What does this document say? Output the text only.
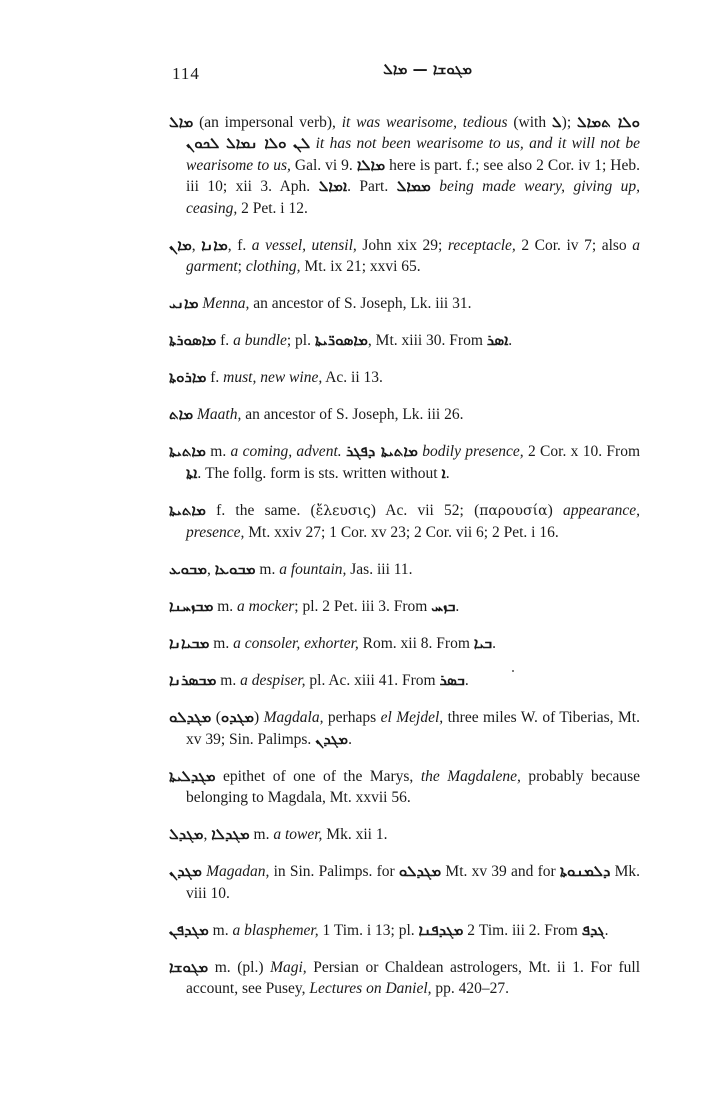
114	ܡܓܘܫܐ — ܡܐܠ

ܡܐܠ (an impersonal verb), it was wearisome, tedious (with ܠ); ܘܠܐ ܬܡܐܠ ܠܢ ܘܠܐ ܢܡܐܠ ܠܟܘܢ it has not been wearisome to us, and it will not be wearisome to us, Gal. vi 9. ܡܐܠܐ here is part. f.; see also 2 Cor. iv 1; Heb. iii 10; xii 3. Aph. ܐܡܐܠ. Part. ܡܡܐܠ being made weary, giving up, ceasing, 2 Pet. i 12.

ܡܐܢ, ܡܐܢܐ, f. a vessel, utensil, John xix 29; receptacle, 2 Cor. iv 7; also a garment; clothing, Mt. ix 21; xxvi 65.

ܡܐܢܝ Menna, an ancestor of S. Joseph, Lk. iii 31.

ܡܐܣܘܪܬܐ f. a bundle; pl. ܡܐܣܘܪ̈ܝܬܐ, Mt. xiii 30. From ܐܣܪ.

ܡܐܪܘܬܐ f. must, new wine, Ac. ii 13.

ܡܐܬ Maath, an ancestor of S. Joseph, Lk. iii 26.

ܡܐܬܝܬܐ m. a coming, advent. ܡܐܬܝܬܐ ܕܦܓܪ bodily presence, 2 Cor. x 10. From ܐܬܐ. The follg. form is sts. written without ܐ.

ܡܐܬܝܬܐ f. the same. (ἔλευσις) Ac. vii 52; (παρουσία) appearance, presence, Mt. xxiv 27; 1 Cor. xv 23; 2 Cor. vii 6; 2 Pet. i 16.

ܡܒܘܥ, ܡܒܘܥܐ m. a fountain, Jas. iii 11.

ܡܒܙܚܢܐ m. a mocker; pl. 2 Pet. iii 3. From ܒܙܚ.

ܡܒܝܐܢܐ m. a consoler, exhorter, Rom. xii 8. From ܒܝܐ.

ܡܒܣܪܢܐ m. a despiser, pl. Ac. xiii 41. From ܒܣܪ.

ܡܓܕܠܘ (ܡܓܕܘ) Magdala, perhaps el Mejdel, three miles W. of Tiberias, Mt. xv 39; Sin. Palimps. ܡܓܕܢ.

ܡܓܕܠܝܬܐ epithet of one of the Marys, the Magdalene, probably because belonging to Magdala, Mt. xxvii 56.

ܡܓܕܠ, ܡܓܕܠܐ m. a tower, Mk. xii 1.

ܡܓܕܢ Magadan, in Sin. Palimps. for ܡܓܕܠܘ Mt. xv 39 and for ܕܠܡܢܘܬܐ Mk. viii 10.

ܡܓܕܦܢ m. a blasphemer, 1 Tim. i 13; pl. ܡܓܕܦܢܐ 2 Tim. iii 2. From ܓܕܦ.

ܡܓܘܫܐ m. (pl.) Magi, Persian or Chaldean astrologers, Mt. ii 1. For full account, see Pusey, Lectures on Daniel, pp. 420–27.
